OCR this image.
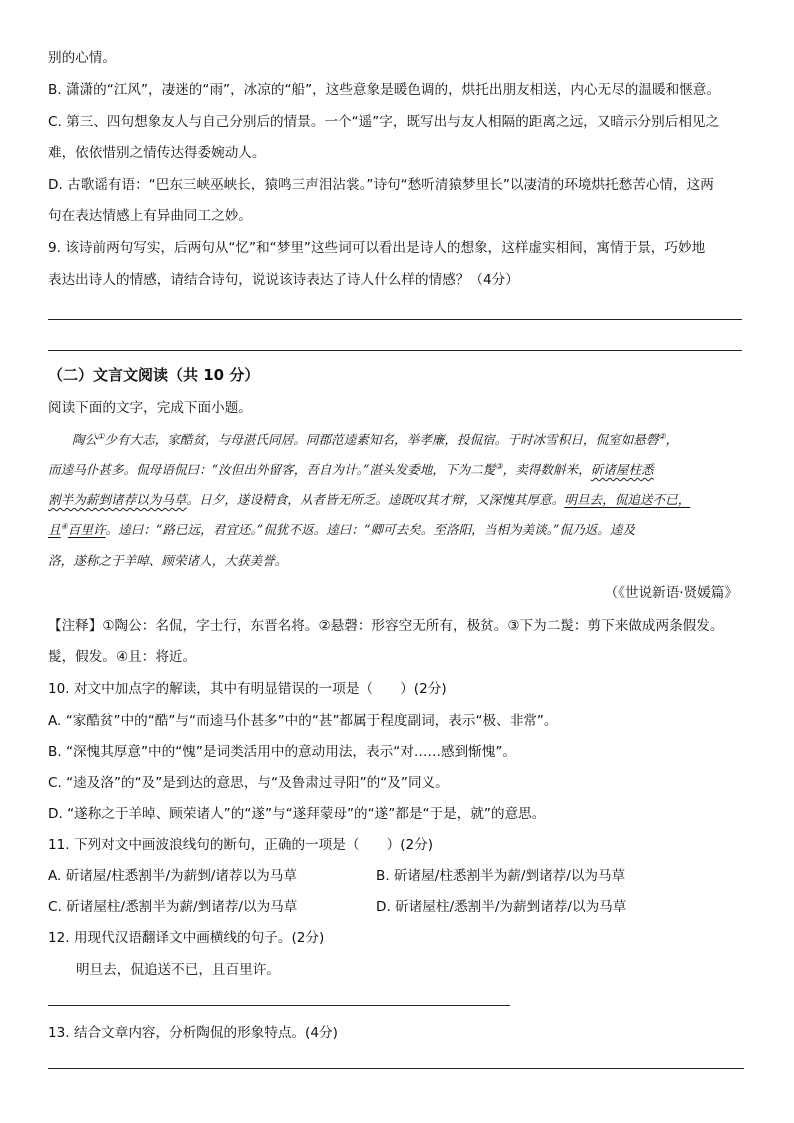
别的心情。
B. 潇潇的“江风”，凄迷的“雨”，冰凉的“船”，这些意象是暖色调的，烘托出朋友相送，内心无尽的温暖和惬意。
C. 第三、四句想象友人与自己分别后的情景。一个“遥”字，既写出与友人相隔的距离之远，又暗示分别后相见之
难，依依惜别之情传达得委婉动人。
D. 古歌谣有语：“巴东三峡巫峡长，猿鸣三声泪沾裳。”诗句“愁听清猿梦里长”以凄清的环境烘托愁苦心情，这两
句在表达情感上有异曲同工之妙。
9. 该诗前两句写实，后两句从“忆”和“梦里”这些词可以看出是诗人的想象，这样虚实相间，寓情于景，巧妙地
表达出诗人的情感，请结合诗句，说说该诗表达了诗人什么样的情感？（4分）
（二）文言文阅读（共 10 分）
阅读下面的文字，完成下面小题。
陶公①少有大志，家酷贫，与母湛氏同居。同郡范逵素知名，举孝廉，投侃宿。于时冰雪积日，侃室如悬磬②，
而逵马仆甚多。侃母语侃曰：“汝但出外留客，吾自为计。”湛头发委地，下为二髲③，卖得数斛米，斫诸屋柱悉
割半为薪剉诸荐以为马草。日夕，遂设精食，从者皆无所乏。逵既叹其才辩，又深愧其厚意。明旦去，侃追送不已，
且④百里许。逵曰：“路已远，君宜还。”侃犹不返。逵曰：“卿可去矣。至洛阳，当相为美谈。”侃乃返。逵及
洛，遂称之于羊晫、顾荣诸人，大获美誉。
（《世说新语·贤媛篇》
【注释】①陶公：名侃，字士行，东晋名将。②悬磬：形容空无所有，极贫。③下为二髲：剪下来做成两条假发。
髲，假发。④且：将近。
10. 对文中加点字的解读，其中有明显错误的一项是（　　）(2分)
A. “家酷贫”中的“酷”与“而逵马仆甚多”中的“甚”都属于程度副词，表示“极、非常”。
B. “深愧其厚意”中的“愧”是词类活用中的意动用法，表示“对……感到惭愧”。
C. “逵及洛”的“及”是到达的意思，与“及鲁肃过寻阳”的“及”同义。
D. “遂称之于羊晫、顾荣诸人”的“遂”与“遂拜蒙母”的“遂”都是“于是，就”的意思。
11. 下列对文中画波浪线句的断句，正确的一项是（　　）(2分)
A. 斫诸屋/柱悉割半/为薪剉/诸荐以为马草	B. 斫诸屋/柱悉割半为薪/剉诸荐/以为马草
C. 斫诸屋柱/悉割半为薪/剉诸荐/以为马草	D. 斫诸屋柱/悉割半/为薪剉诸荐/以为马草
12. 用现代汉语翻译文中画横线的句子。(2分)
明旦去，侃追送不已，且百里许。
13. 结合文章内容，分析陶侃的形象特点。(4分)
